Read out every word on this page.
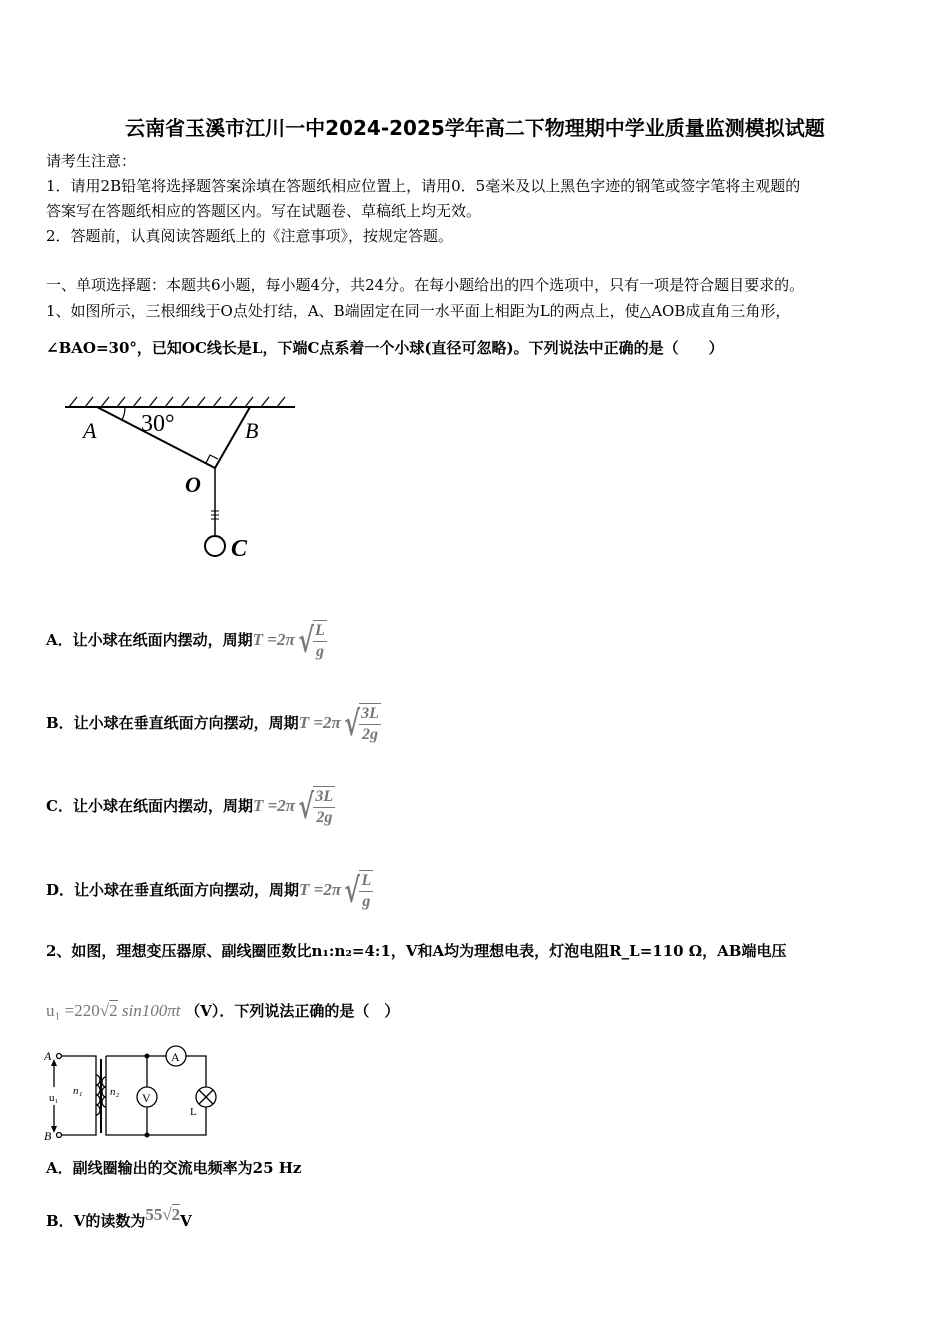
云南省玉溪市江川一中2024-2025学年高二下物理期中学业质量监测模拟试题
请考生注意：
1．请用2B铅笔将选择题答案涂填在答题纸相应位置上，请用0．5毫米及以上黑色字迹的钢笔或签字笔将主观题的
答案写在答题纸相应的答题区内。写在试题卷、草稿纸上均无效。
2．答题前，认真阅读答题纸上的《注意事项》，按规定答题。
一、单项选择题：本题共6小题，每小题4分，共24分。在每小题给出的四个选项中，只有一项是符合题目要求的。
1、如图所示，三根细线于O点处打结，A、B端固定在同一水平面上相距为L的两点上，使△AOB成直角三角形，
∠BAO=30°，已知OC线长是L，下端C点系着一个小球(直径可忽略)。下列说法中正确的是（　　）
A 30°	B
O
C
A．让小球在纸面内摆动，周期T =2π √ $\frac{L}{g}$
B．让小球在垂直纸面方向摆动，周期T =2π √ $\frac{3L}{2g}$
C．让小球在纸面内摆动，周期T =2π √ $\frac{3L}{2g}$
D．让小球在垂直纸面方向摆动，周期T =2π √ $\frac{L}{g}$
2、如图，理想变压器原、副线圈匝数比n₁:n₂=4:1，V和A均为理想电表，灯泡电阻R_L=110 Ω，AB端电压
u₁ =220√2 sin100πt （V）．下列说法正确的是（　）
A
B
u₁
n₁	n₂ V
A
L
A．副线圈输出的交流电频率为25 Hz
B．V的读数为55√2V
